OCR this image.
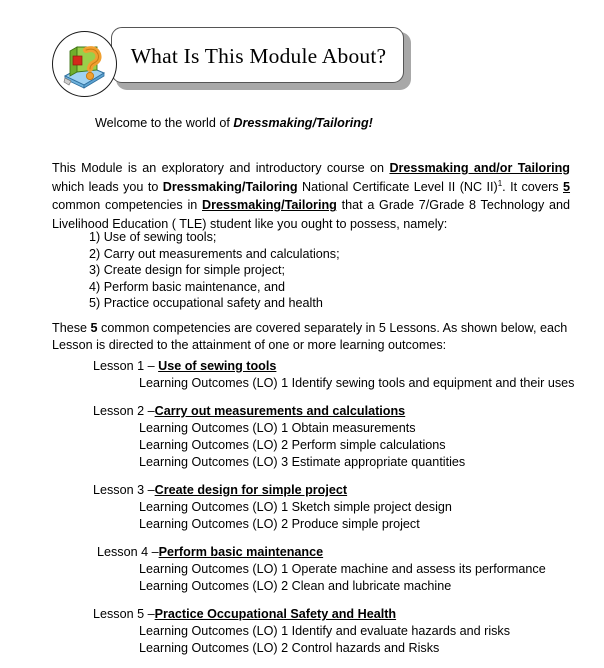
What Is This Module About?
Welcome to the world of Dressmaking/Tailoring!
This Module is an exploratory and introductory course on Dressmaking and/or Tailoring which leads you to Dressmaking/Tailoring National Certificate Level II (NC II)$^1$. It covers 5 common competencies in Dressmaking/Tailoring that a Grade 7/Grade 8 Technology and Livelihood Education ( TLE) student like you ought to possess, namely:
1) Use of sewing tools;
2) Carry out measurements and calculations;
3) Create design for simple project;
4) Perform basic maintenance, and
5) Practice occupational safety and health
These 5 common competencies are covered separately in 5 Lessons. As shown below, each Lesson is directed to the attainment of one or more learning outcomes:
Lesson 1 – Use of sewing tools
Learning Outcomes (LO) 1 Identify sewing tools and equipment and their uses
Lesson 2 –Carry out measurements and calculations
Learning Outcomes (LO) 1 Obtain measurements
Learning Outcomes (LO) 2 Perform simple calculations
Learning Outcomes (LO) 3 Estimate appropriate quantities
Lesson 3 –Create design for simple project
Learning Outcomes (LO) 1 Sketch simple project design
Learning Outcomes (LO) 2 Produce simple project
Lesson 4 –Perform basic maintenance
Learning Outcomes (LO) 1 Operate machine and assess its performance
Learning Outcomes (LO) 2 Clean and lubricate machine
Lesson 5 –Practice Occupational Safety and Health
Learning Outcomes (LO) 1 Identify and evaluate hazards and risks
Learning Outcomes (LO) 2 Control hazards and Risks
